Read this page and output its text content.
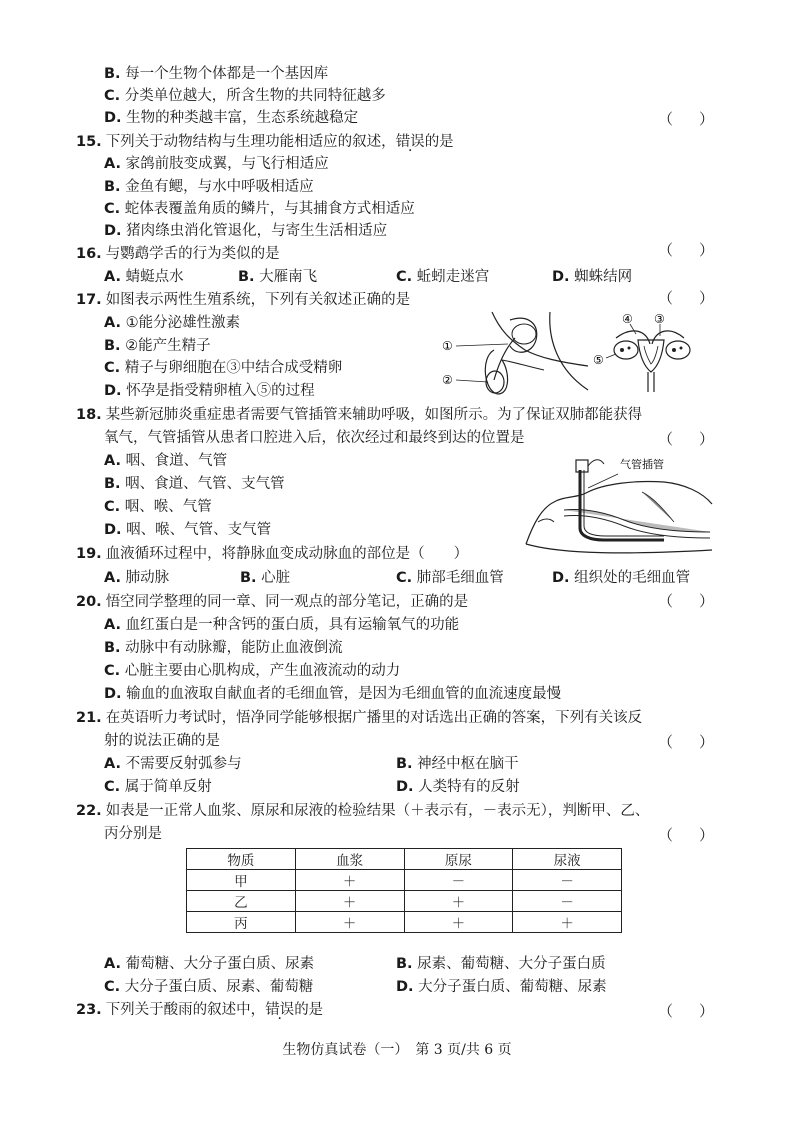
B. 每一个生物个体都是一个基因库
C. 分类单位越大，所含生物的共同特征越多
D. 生物的种类越丰富，生态系统越稳定	（）
15. 下列关于动物结构与生理功能相适应的叙述，错误的是
A. 家鸽前肢变成翼，与飞行相适应
B. 金鱼有鳃，与水中呼吸相适应
C. 蛇体表覆盖角质的鳞片，与其捕食方式相适应
D. 猪肉绦虫消化管退化，与寄生生活相适应
16. 与鹦鹉学舌的行为类似的是	（）
A. 蜻蜓点水	B. 大雁南飞	C. 蚯蚓走迷宫	D. 蜘蛛结网
17. 如图表示两性生殖系统，下列有关叙述正确的是	（）
A. ①能分泌雄性激素
B. ②能产生精子
C. 精子与卵细胞在③中结合成受精卵
D. 怀孕是指受精卵植入⑤的过程
①
②
④ ③
⑤
18. 某些新冠肺炎重症患者需要气管插管来辅助呼吸，如图所示。为了保证双肺都能获得
氧气，气管插管从患者口腔进入后，依次经过和最终到达的位置是	（）
A. 咽、食道、气管
B. 咽、食道、气管、支气管
C. 咽、喉、气管
D. 咽、喉、气管、支气管
气管插管
19. 血液循环过程中，将静脉血变成动脉血的部位是（　　）
A. 肺动脉	B. 心脏	C. 肺部毛细血管	D. 组织处的毛细血管
20. 悟空同学整理的同一章、同一观点的部分笔记，正确的是	（）
A. 血红蛋白是一种含钙的蛋白质，具有运输氧气的功能
B. 动脉中有动脉瓣，能防止血液倒流
C. 心脏主要由心肌构成，产生血液流动的动力
D. 输血的血液取自献血者的毛细血管，是因为毛细血管的血流速度最慢
21. 在英语听力考试时，悟净同学能够根据广播里的对话选出正确的答案，下列有关该反
射的说法正确的是	（）
A. 不需要反射弧参与	B. 神经中枢在脑干
C. 属于简单反射	D. 人类特有的反射
22. 如表是一正常人血浆、原尿和尿液的检验结果（＋表示有，－表示无），判断甲、乙、
丙分别是	（）
物质	血浆	原尿	尿液
甲	＋	－	－
乙	＋	＋	－
丙	＋	＋	＋
A. 葡萄糖、大分子蛋白质、尿素	B. 尿素、葡萄糖、大分子蛋白质
C. 大分子蛋白质、尿素、葡萄糖	D. 大分子蛋白质、葡萄糖、尿素
23. 下列关于酸雨的叙述中，错误的是	（）
生物仿真试卷（一）　第 3 页/共 6 页
